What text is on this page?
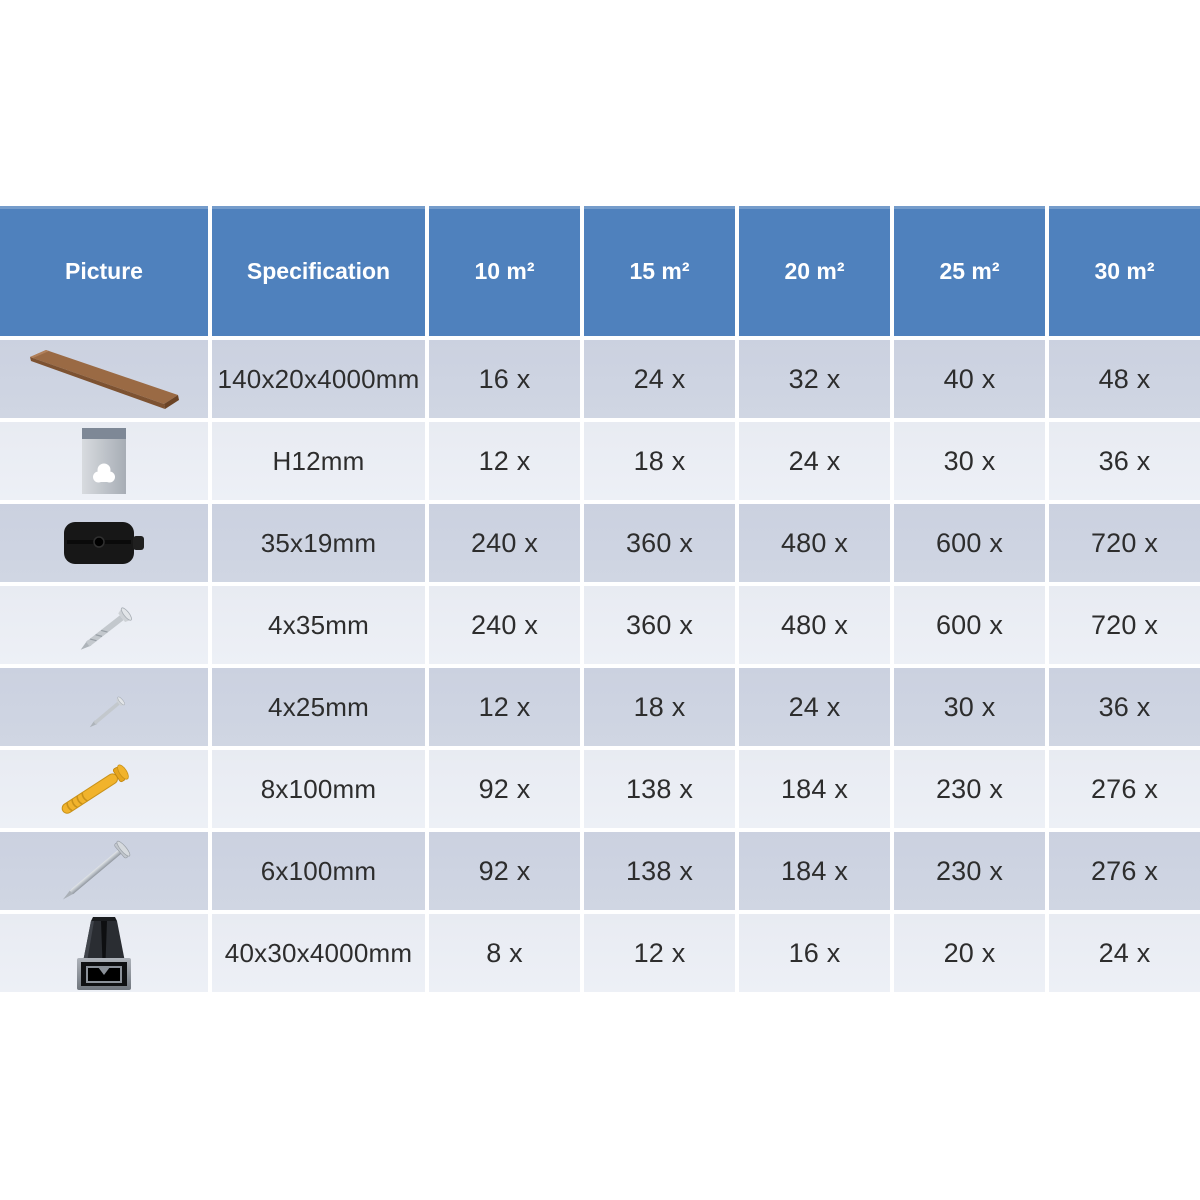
Picture	Specification	10 m²	15 m²	20 m²	25 m²	30 m²
140x20x4000mm	16 x	24 x	32 x	40 x	48 x
H12mm	12 x	18 x	24 x	30 x	36 x
35x19mm	240 x	360 x	480 x	600 x	720 x
4x35mm	240 x	360 x	480 x	600 x	720 x
4x25mm	12 x	18 x	24 x	30 x	36 x
8x100mm	92 x	138 x	184 x	230 x	276 x
6x100mm	92 x	138 x	184 x	230 x	276 x
40x30x4000mm	8 x	12 x	16 x	20 x	24 x
